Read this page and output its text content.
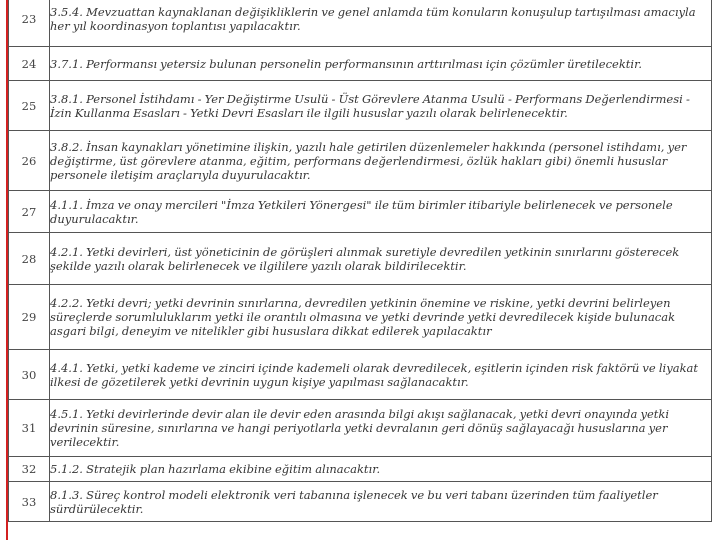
23	3.5.4. Mevzuattan kaynaklanan değişikliklerin ve genel anlamda tüm konuların konuşulup tartışılması amacıyla her yıl koordinasyon toplantısı yapılacaktır.
24	3.7.1. Performansı yetersiz bulunan personelin performansının arttırılması için çözümler üretilecektir.
25	3.8.1. Personel İstihdamı - Yer Değiştirme Usulü - Üst Görevlere Atanma Usulü - Performans Değerlendirmesi - İzin Kullanma Esasları - Yetki Devri Esasları ile ilgili hususlar yazılı olarak belirlenecektir.
26	3.8.2. İnsan kaynakları yönetimine ilişkin, yazılı hale getirilen düzenlemeler hakkında (personel istihdamı, yer değiştirme, üst görevlere atanma, eğitim, performans değerlendirmesi, özlük hakları gibi) önemli hususlar personele iletişim araçlarıyla duyurulacaktır.
27	4.1.1. İmza ve onay mercileri "İmza Yetkileri Yönergesi" ile tüm birimler itibariyle belirlenecek ve personele duyurulacaktır.
28	4.2.1. Yetki devirleri, üst yöneticinin de görüşleri alınmak suretiyle devredilen yetkinin sınırlarını gösterecek şekilde yazılı olarak belirlenecek ve ilgililere yazılı olarak bildirilecektir.
29	4.2.2. Yetki devri; yetki devrinin sınırlarına, devredilen yetkinin önemine ve riskine, yetki devrini belirleyen süreçlerde sorumluluklarım yetki ile orantılı olmasına ve yetki devrinde yetki devredilecek kişide bulunacak asgari bilgi, deneyim ve nitelikler gibi hususlara dikkat edilerek yapılacaktır
30	4.4.1. Yetki, yetki kademe ve zinciri içinde kademeli olarak devredilecek, eşitlerin içinden risk faktörü ve liyakat ilkesi de gözetilerek yetki devrinin uygun kişiye yapılması sağlanacaktır.
31	4.5.1. Yetki devirlerinde devir alan ile devir eden arasında bilgi akışı sağlanacak, yetki devri onayında yetki devrinin süresine, sınırlarına ve hangi periyotlarla yetki devralanın geri dönüş sağlayacağı hususlarına yer verilecektir.
32	5.1.2. Stratejik plan hazırlama ekibine eğitim alınacaktır.
33	8.1.3. Süreç kontrol modeli elektronik veri tabanına işlenecek ve bu veri tabanı üzerinden tüm faaliyetler sürdürülecektir.
